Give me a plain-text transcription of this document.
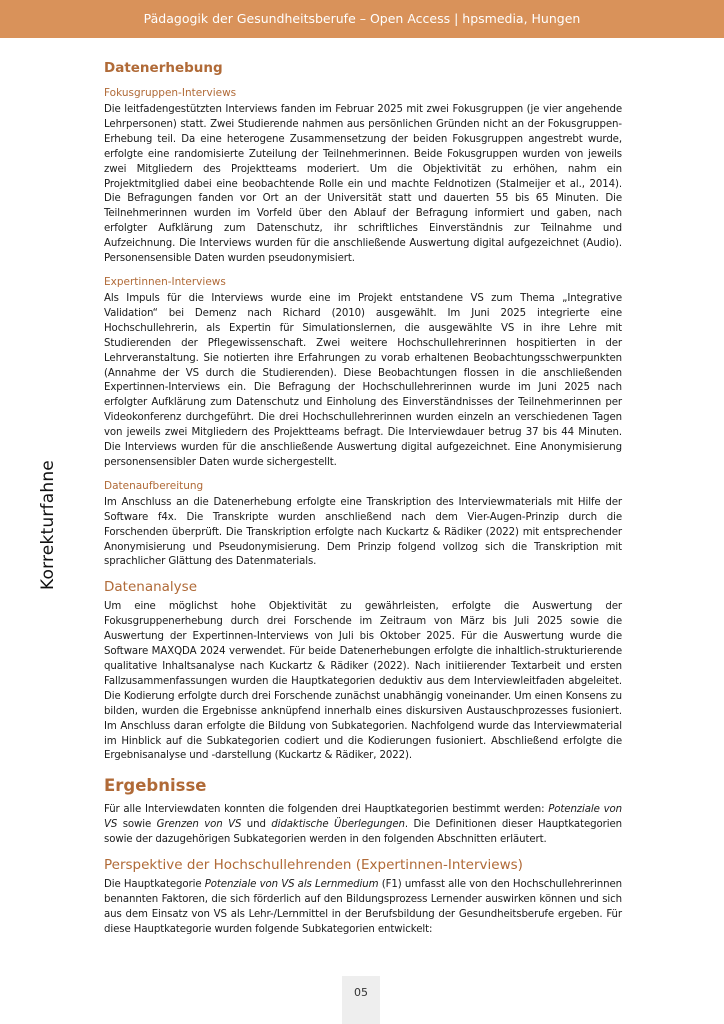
Pädagogik der Gesundheitsberufe – Open Access | hpsmedia, Hungen
Korrekturfahne
Datenerhebung
Fokusgruppen-Interviews

Die leitfadengestützten Interviews fanden im Februar 2025 mit zwei Fokusgruppen (je vier angehende Lehrpersonen) statt. Zwei Studierende nahmen aus persönlichen Gründen nicht an der Fokusgruppen-Erhebung teil. Da eine heterogene Zusammensetzung der beiden Fokusgruppen angestrebt wurde, erfolgte eine randomisierte Zuteilung der Teilnehmerinnen. Beide Fokusgruppen wurden von jeweils zwei Mitgliedern des Projektteams moderiert. Um die Objektivität zu erhöhen, nahm ein Projektmitglied dabei eine beobachtende Rolle ein und machte Feldnotizen (Stalmeijer et al., 2014). Die Befragungen fanden vor Ort an der Universität statt und dauerten 55 bis 65 Minuten. Die Teilnehmerinnen wurden im Vorfeld über den Ablauf der Befragung informiert und gaben, nach erfolgter Aufklärung zum Datenschutz, ihr schriftliches Einverständnis zur Teilnahme und Aufzeichnung. Die Interviews wurden für die anschließende Auswertung digital aufgezeichnet (Audio). Personensensible Daten wurden pseudonymisiert.

Expertinnen-Interviews

Als Impuls für die Interviews wurde eine im Projekt entstandene VS zum Thema „Integrative Validation“ bei Demenz nach Richard (2010) ausgewählt. Im Juni 2025 integrierte eine Hochschullehrerin, als Expertin für Simulationslernen, die ausgewählte VS in ihre Lehre mit Studierenden der Pflegewissenschaft. Zwei weitere Hochschullehrerinnen hospitierten in der Lehrveranstaltung. Sie notierten ihre Erfahrungen zu vorab erhaltenen Beobachtungsschwerpunkten (Annahme der VS durch die Studierenden). Diese Beobachtungen flossen in die anschließenden Expertinnen-Interviews ein. Die Befragung der Hochschullehrerinnen wurde im Juni 2025 nach erfolgter Aufklärung zum Datenschutz und Einholung des Einverständnisses der Teilnehmerinnen per Videokonferenz durchgeführt. Die drei Hochschullehrerinnen wurden einzeln an verschiedenen Tagen von jeweils zwei Mitgliedern des Projektteams befragt. Die Interviewdauer betrug 37 bis 44 Minuten. Die Interviews wurden für die anschließende Auswertung digital aufgezeichnet. Eine Anonymisierung personensensibler Daten wurde sichergestellt.

Datenaufbereitung

Im Anschluss an die Datenerhebung erfolgte eine Transkription des Interviewmaterials mit Hilfe der Software f4x. Die Transkripte wurden anschließend nach dem Vier-Augen-Prinzip durch die Forschenden überprüft. Die Transkription erfolgte nach Kuckartz & Rädiker (2022) mit entsprechender Anonymisierung und Pseudonymisierung. Dem Prinzip folgend vollzog sich die Transkription mit sprachlicher Glättung des Datenmaterials.

Datenanalyse

Um eine möglichst hohe Objektivität zu gewährleisten, erfolgte die Auswertung der Fokusgruppenerhebung durch drei Forschende im Zeitraum von März bis Juli 2025 sowie die Auswertung der Expertinnen-Interviews von Juli bis Oktober 2025. Für die Auswertung wurde die Software MAXQDA 2024 verwendet. Für beide Datenerhebungen erfolgte die inhaltlich-strukturierende qualitative Inhaltsanalyse nach Kuckartz & Rädiker (2022). Nach initiierender Textarbeit und ersten Fallzusammenfassungen wurden die Hauptkategorien deduktiv aus dem Interviewleitfaden abgeleitet. Die Kodierung erfolgte durch drei Forschende zunächst unabhängig voneinander. Um einen Konsens zu bilden, wurden die Ergebnisse anknüpfend innerhalb eines diskursiven Austauschprozesses fusioniert. Im Anschluss daran erfolgte die Bildung von Subkategorien. Nachfolgend wurde das Interviewmaterial im Hinblick auf die Subkategorien codiert und die Kodierungen fusioniert. Abschließend erfolgte die Ergebnisanalyse und -darstellung (Kuckartz & Rädiker, 2022).

Ergebnisse

Für alle Interviewdaten konnten die folgenden drei Hauptkategorien bestimmt werden: Potenziale von VS sowie Grenzen von VS und didaktische Überlegungen. Die Definitionen dieser Hauptkategorien sowie der dazugehörigen Subkategorien werden in den folgenden Abschnitten erläutert.

Perspektive der Hochschullehrenden (Expertinnen-Interviews)

Die Hauptkategorie Potenziale von VS als Lernmedium (F1) umfasst alle von den Hochschullehrerinnen benannten Faktoren, die sich förderlich auf den Bildungsprozess Lernender auswirken können und sich aus dem Einsatz von VS als Lehr-/Lernmittel in der Berufsbildung der Gesundheitsberufe ergeben. Für diese Hauptkategorie wurden folgende Subkategorien entwickelt:

05
